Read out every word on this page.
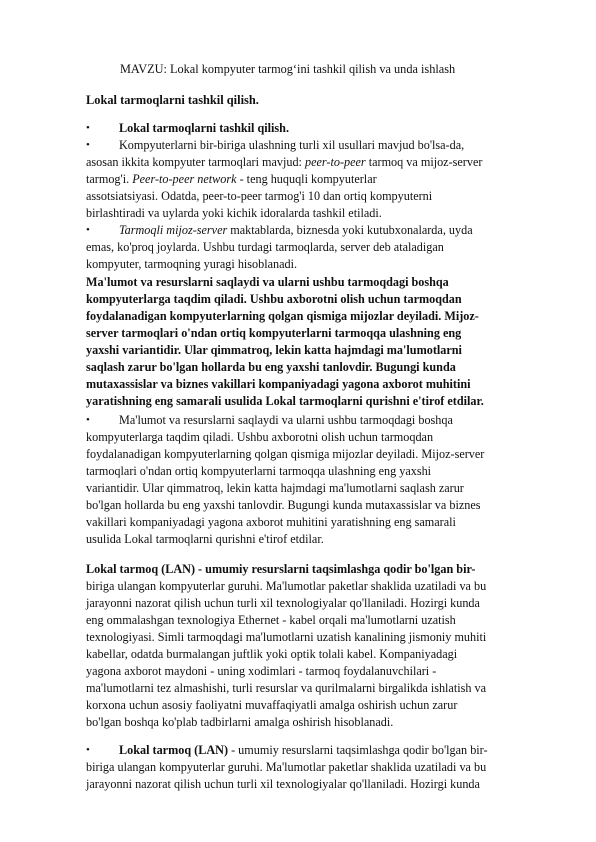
MAVZU: Lokal kompyuter tarmog‘ini tashkil qilish va unda ishlash
Lokal tarmoqlarni tashkil qilish.
•	Lokal tarmoqlarni tashkil qilish.
•	Kompyuterlarni bir-biriga ulashning turli xil usullari mavjud bo'lsa-da,
asosan ikkita kompyuter tarmoqlari mavjud: peer-to-peer tarmoq va mijoz-server
tarmog'i. Peer-to-peer network - teng huquqli kompyuterlar
assotsiatsiyasi. Odatda, peer-to-peer tarmog'i 10 dan ortiq kompyuterni
birlashtiradi va uylarda yoki kichik idoralarda tashkil etiladi.
•	Tarmoqli mijoz-server maktablarda, biznesda yoki kutubxonalarda, uyda
emas, ko'proq joylarda. Ushbu turdagi tarmoqlarda, server deb ataladigan
kompyuter, tarmoqning yuragi hisoblanadi.
Ma'lumot va resurslarni saqlaydi va ularni ushbu tarmoqdagi boshqa
kompyuterlarga taqdim qiladi. Ushbu axborotni olish uchun tarmoqdan
foydalanadigan kompyuterlarning qolgan qismiga mijozlar deyiladi. Mijoz-
server tarmoqlari o'ndan ortiq kompyuterlarni tarmoqqa ulashning eng
yaxshi variantidir. Ular qimmatroq, lekin katta hajmdagi ma'lumotlarni
saqlash zarur bo'lgan hollarda bu eng yaxshi tanlovdir. Bugungi kunda
mutaxassislar va biznes vakillari kompaniyadagi yagona axborot muhitini
yaratishning eng samarali usulida Lokal tarmoqlarni qurishni e'tirof etdilar.
•	Ma'lumot va resurslarni saqlaydi va ularni ushbu tarmoqdagi boshqa
kompyuterlarga taqdim qiladi. Ushbu axborotni olish uchun tarmoqdan
foydalanadigan kompyuterlarning qolgan qismiga mijozlar deyiladi. Mijoz-server
tarmoqlari o'ndan ortiq kompyuterlarni tarmoqqa ulashning eng yaxshi
variantidir. Ular qimmatroq, lekin katta hajmdagi ma'lumotlarni saqlash zarur
bo'lgan hollarda bu eng yaxshi tanlovdir. Bugungi kunda mutaxassislar va biznes
vakillari kompaniyadagi yagona axborot muhitini yaratishning eng samarali
usulida Lokal tarmoqlarni qurishni e'tirof etdilar.
Lokal tarmoq (LAN) - umumiy resurslarni taqsimlashga qodir bo'lgan bir-
biriga ulangan kompyuterlar guruhi. Ma'lumotlar paketlar shaklida uzatiladi va bu
jarayonni nazorat qilish uchun turli xil texnologiyalar qo'llaniladi. Hozirgi kunda
eng ommalashgan texnologiya Ethernet - kabel orqali ma'lumotlarni uzatish
texnologiyasi. Simli tarmoqdagi ma'lumotlarni uzatish kanalining jismoniy muhiti
kabellar, odatda burmalangan juftlik yoki optik tolali kabel. Kompaniyadagi
yagona axborot maydoni - uning xodimlari - tarmoq foydalanuvchilari -
ma'lumotlarni tez almashishi, turli resurslar va qurilmalarni birgalikda ishlatish va
korxona uchun asosiy faoliyatni muvaffaqiyatli amalga oshirish uchun zarur
bo'lgan boshqa ko'plab tadbirlarni amalga oshirish hisoblanadi.
•	Lokal tarmoq (LAN) - umumiy resurslarni taqsimlashga qodir bo'lgan bir-
biriga ulangan kompyuterlar guruhi. Ma'lumotlar paketlar shaklida uzatiladi va bu
jarayonni nazorat qilish uchun turli xil texnologiyalar qo'llaniladi. Hozirgi kunda
